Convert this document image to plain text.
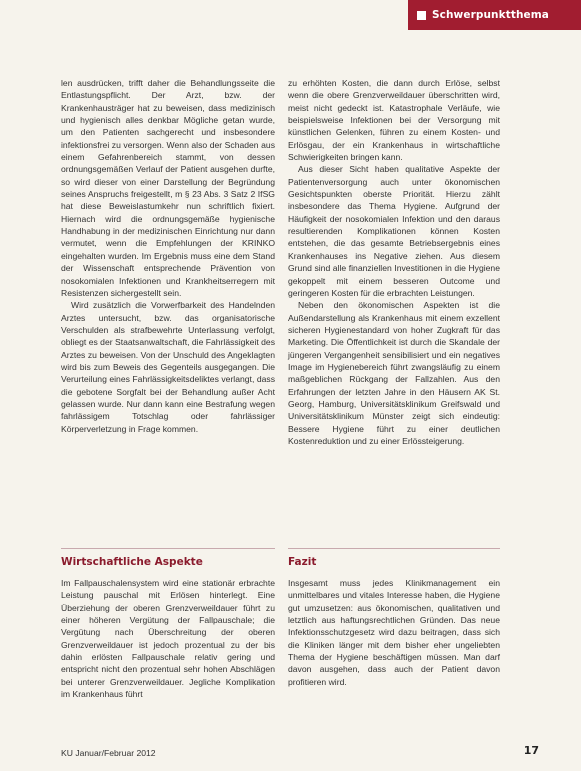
Schwerpunktthema

len ausdrücken, trifft daher die Behandlungsseite die Entlastungspflicht. Der Arzt, bzw. der Krankenhausträger hat zu beweisen, dass medizinisch und hygienisch alles denkbar Mögliche getan wurde, um den Patienten sachgerecht und insbesondere infektionsfrei zu versorgen. Wenn also der Schaden aus einem Gefahrenbereich stammt, von dessen ordnungsgemäßen Verlauf der Patient ausgehen durfte, so wird dieser von einer Darstellung der Begründung seines Anspruchs freigestellt, m § 23 Abs. 3 Satz 2 IfSG hat diese Beweislastumkehr nun schriftlich fixiert. Hiernach wird die ordnungsgemäße hygienische Handhabung in der medizinischen Einrichtung nur dann vermutet, wenn die Empfehlungen der KRINKO eingehalten wurden. Im Ergebnis muss eine dem Stand der Wissenschaft entsprechende Prävention von nosokomialen Infektionen und Krankheitserregern mit Resistenzen sichergestellt sein.

Wird zusätzlich die Vorwerfbarkeit des Handelnden Arztes untersucht, bzw. das organisatorische Verschulden als strafbewehrte Unterlassung verfolgt, obliegt es der Staatsanwaltschaft, die Fahrlässigkeit des Arztes zu beweisen. Von der Unschuld des Angeklagten wird bis zum Beweis des Gegenteils ausgegangen. Die Verurteilung eines Fahrlässigkeitsdeliktes verlangt, dass die gebotene Sorgfalt bei der Behandlung außer Acht gelassen wurde. Nur dann kann eine Bestrafung wegen fahrlässigem Totschlag oder fahrlässiger Körperverletzung in Frage kommen.

zu erhöhten Kosten, die dann durch Erlöse, selbst wenn die obere Grenzverweildauer überschritten wird, meist nicht gedeckt ist. Katastrophale Verläufe, wie beispielsweise Infektionen bei der Versorgung mit künstlichen Gelenken, führen zu einem Kosten- und Erlösgau, der ein Krankenhaus in wirtschaftliche Schwierigkeiten bringen kann.

Aus dieser Sicht haben qualitative Aspekte der Patientenversorgung auch unter ökonomischen Gesichtspunkten oberste Priorität. Hierzu zählt insbesondere das Thema Hygiene. Aufgrund der Häufigkeit der nosokomialen Infektion und den daraus resultierenden Komplikationen können Kosten entstehen, die das gesamte Betriebsergebnis eines Krankenhauses ins Negative ziehen. Aus diesem Grund sind alle finanziellen Investitionen in die Hygiene gekoppelt mit einem besseren Outcome und geringeren Kosten für die erbrachten Leistungen.

Neben den ökonomischen Aspekten ist die Außendarstellung als Krankenhaus mit einem exzellent sicheren Hygienestandard von hoher Zugkraft für das Marketing. Die Öffentlichkeit ist durch die Skandale der jüngeren Vergangenheit sensibilisiert und ein negatives Image im Hygienebereich führt zwangsläufig zu einem maßgeblichen Rückgang der Fallzahlen. Aus den Erfahrungen der letzten Jahre in den Häusern AK St. Georg, Hamburg, Universitätsklinikum Greifswald und Universitätsklinikum Münster zeigt sich eindeutig: Bessere Hygiene führt zu einer deutlichen Kostenreduktion und zu einer Erlössteigerung.

Wirtschaftliche Aspekte	Fazit

Im Fallpauschalensystem wird eine stationär erbrachte Leistung pauschal mit Erlösen hinterlegt. Eine Überziehung der oberen Grenzverweildauer führt zu einer höheren Vergütung der Fallpauschale; die Vergütung nach Überschreitung der oberen Grenzverweildauer ist jedoch prozentual zu der bis dahin erlösten Fallpauschale relativ gering und entspricht nicht den prozentual sehr hohen Abschlägen bei unterer Grenzverweildauer. Jegliche Komplikation im Krankenhaus führt

Insgesamt muss jedes Klinikmanagement ein unmittelbares und vitales Interesse haben, die Hygiene gut umzusetzen: aus ökonomischen, qualitativen und letztlich aus haftungsrechtlichen Gründen. Das neue Infektionsschutzgesetz wird dazu beitragen, dass sich die Kliniken länger mit dem bisher eher ungeliebten Thema der Hygiene beschäftigen müssen. Man darf davon ausgehen, dass auch der Patient davon profitieren wird.

KU Januar/Februar 2012	17
